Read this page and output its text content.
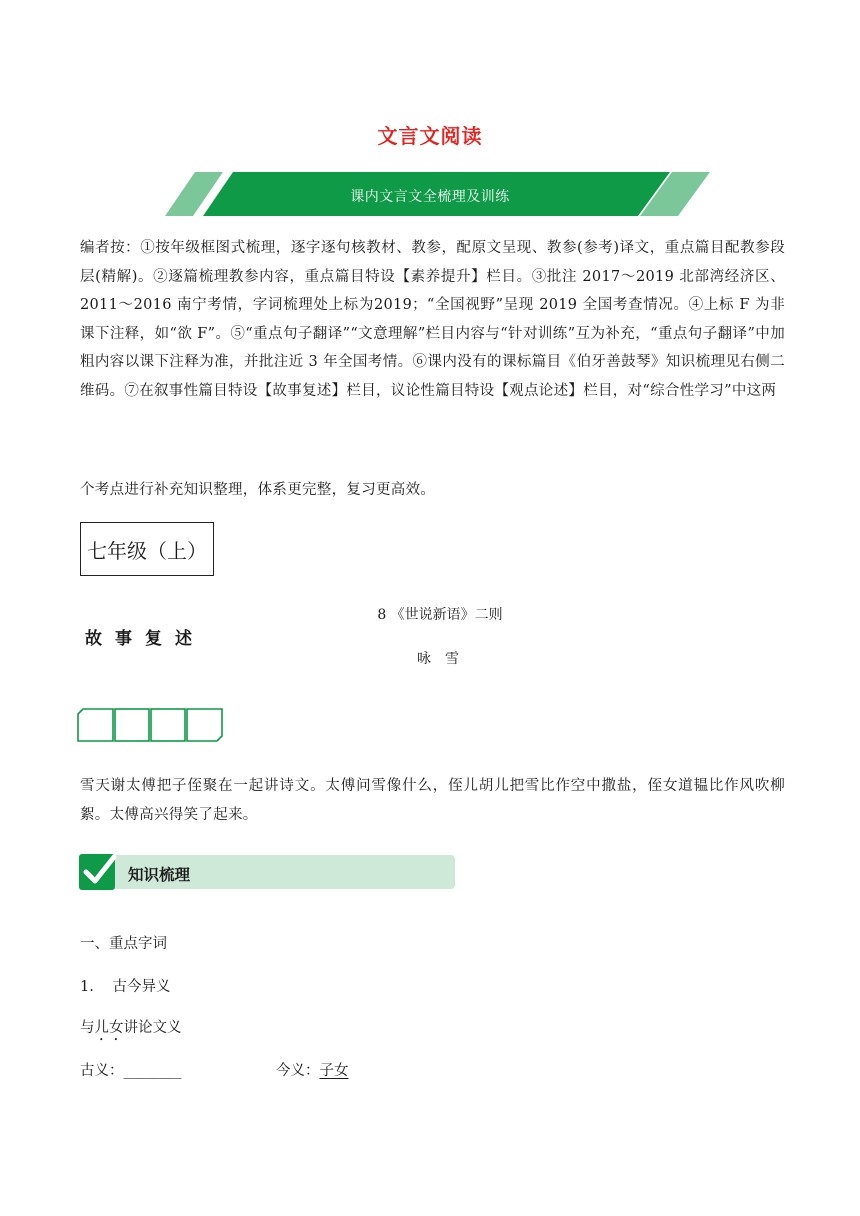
文言文阅读
课内文言文全梳理及训练
编者按：①按年级框图式梳理，逐字逐句核教材、教参，配原文呈现、教参(参考)译文，重点篇目配教参段层(精解)。②逐篇梳理教参内容，重点篇目特设【素养提升】栏目。③批注 2017～2019 北部湾经济区、2011～2016 南宁考情，字词梳理处上标为2019；“全国视野”呈现 2019 全国考查情况。④上标 F 为非课下注释，如“欲 F”。⑤“重点句子翻译”“文意理解”栏目内容与“针对训练”互为补充，“重点句子翻译”中加粗内容以课下注释为准，并批注近 3 年全国考情。⑥课内没有的课标篇目《伯牙善鼓琴》知识梳理见右侧二维码。⑦在叙事性篇目特设【故事复述】栏目，议论性篇目特设【观点论述】栏目，对“综合性学习”中这两
个考点进行补充知识整理，体系更完整，复习更高效。
七年级（上）
故事复述
8 《世说新语》二则
咏雪
雪天谢太傅把子侄聚在一起讲诗文。太傅问雪像什么，侄儿胡儿把雪比作空中撒盐，侄女道韫比作风吹柳絮。太傅高兴得笑了起来。
知识梳理
一、重点字词
1. 古今异义
与儿女讲论文义
古义：________	今义：子女
